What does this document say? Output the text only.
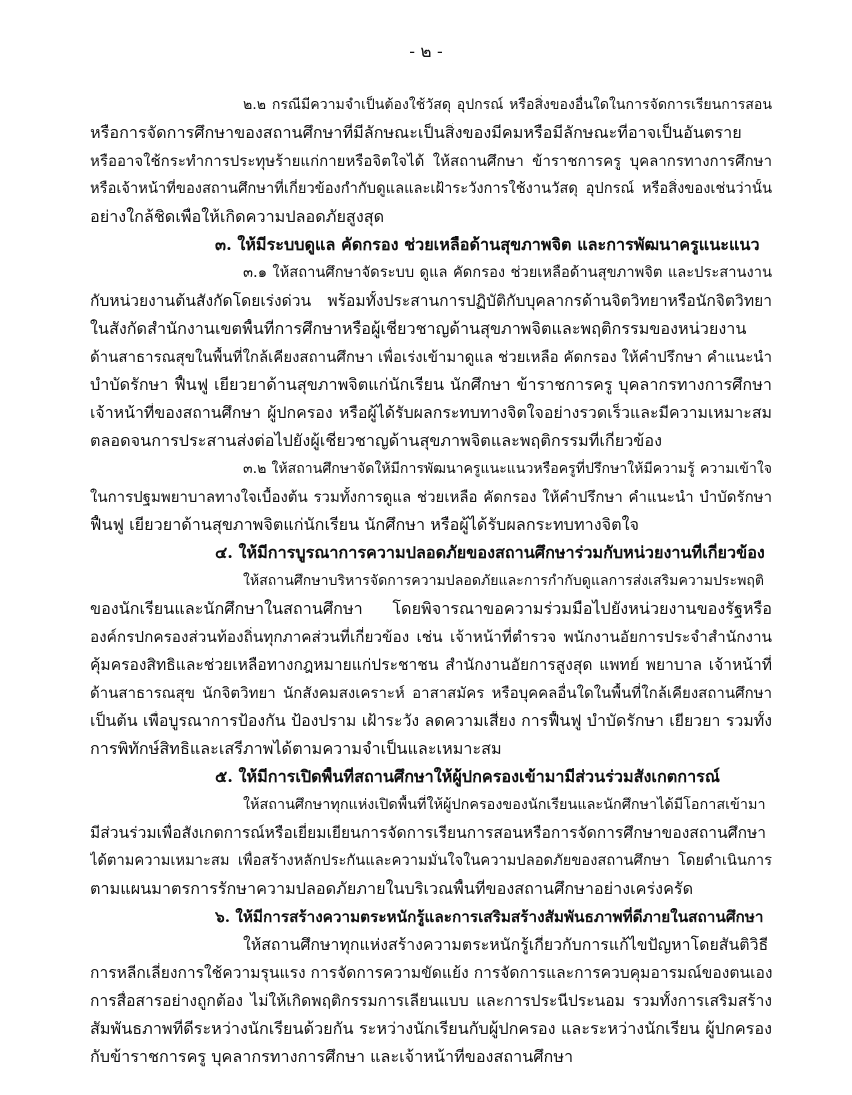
- ๒ -
๒.๒ กรณีมีความจำเป็นต้องใช้วัสดุ อุปกรณ์ หรือสิ่งของอื่นใดในการจัดการเรียนการสอน
หรือการจัดการศึกษาของสถานศึกษาที่มีลักษณะเป็นสิ่งของมีคมหรือมีลักษณะที่อาจเป็นอันตราย
หรืออาจใช้กระทำการประทุษร้ายแก่กายหรือจิตใจได้ ให้สถานศึกษา ข้าราชการครู บุคลากรทางการศึกษา
หรือเจ้าหน้าที่ของสถานศึกษาที่เกี่ยวข้องกำกับดูแลและเฝ้าระวังการใช้งานวัสดุ อุปกรณ์ หรือสิ่งของเช่นว่านั้น
อย่างใกล้ชิดเพื่อให้เกิดความปลอดภัยสูงสุด
๓. ให้มีระบบดูแล คัดกรอง ช่วยเหลือด้านสุขภาพจิต และการพัฒนาครูแนะแนว
๓.๑ ให้สถานศึกษาจัดระบบ ดูแล คัดกรอง ช่วยเหลือด้านสุขภาพจิต และประสานงาน
กับหน่วยงานต้นสังกัดโดยเร่งด่วน พร้อมทั้งประสานการปฏิบัติกับบุคลากรด้านจิตวิทยาหรือนักจิตวิทยา
ในสังกัดสำนักงานเขตพื้นที่การศึกษาหรือผู้เชี่ยวชาญด้านสุขภาพจิตและพฤติกรรมของหน่วยงาน
ด้านสาธารณสุขในพื้นที่ใกล้เคียงสถานศึกษา เพื่อเร่งเข้ามาดูแล ช่วยเหลือ คัดกรอง ให้คำปรึกษา คำแนะนำ
บำบัดรักษา ฟื้นฟู เยียวยาด้านสุขภาพจิตแก่นักเรียน นักศึกษา ข้าราชการครู บุคลากรทางการศึกษา
เจ้าหน้าที่ของสถานศึกษา ผู้ปกครอง หรือผู้ได้รับผลกระทบทางจิตใจอย่างรวดเร็วและมีความเหมาะสม
ตลอดจนการประสานส่งต่อไปยังผู้เชี่ยวชาญด้านสุขภาพจิตและพฤติกรรมที่เกี่ยวข้อง
๓.๒ ให้สถานศึกษาจัดให้มีการพัฒนาครูแนะแนวหรือครูที่ปรึกษาให้มีความรู้ ความเข้าใจ
ในการปฐมพยาบาลทางใจเบื้องต้น รวมทั้งการดูแล ช่วยเหลือ คัดกรอง ให้คำปรึกษา คำแนะนำ บำบัดรักษา
ฟื้นฟู เยียวยาด้านสุขภาพจิตแก่นักเรียน นักศึกษา หรือผู้ได้รับผลกระทบทางจิตใจ
๔. ให้มีการบูรณาการความปลอดภัยของสถานศึกษาร่วมกับหน่วยงานที่เกี่ยวข้อง
ให้สถานศึกษาบริหารจัดการความปลอดภัยและการกำกับดูแลการส่งเสริมความประพฤติ
ของนักเรียนและนักศึกษาในสถานศึกษา โดยพิจารณาขอความร่วมมือไปยังหน่วยงานของรัฐหรือ
องค์กรปกครองส่วนท้องถิ่นทุกภาคส่วนที่เกี่ยวข้อง เช่น เจ้าหน้าที่ตำรวจ พนักงานอัยการประจำสำนักงาน
คุ้มครองสิทธิและช่วยเหลือทางกฎหมายแก่ประชาชน สำนักงานอัยการสูงสุด แพทย์ พยาบาล เจ้าหน้าที่
ด้านสาธารณสุข นักจิตวิทยา นักสังคมสงเคราะห์ อาสาสมัคร หรือบุคคลอื่นใดในพื้นที่ใกล้เคียงสถานศึกษา
เป็นต้น เพื่อบูรณาการป้องกัน ป้องปราม เฝ้าระวัง ลดความเสี่ยง การฟื้นฟู บำบัดรักษา เยียวยา รวมทั้ง
การพิทักษ์สิทธิและเสรีภาพได้ตามความจำเป็นและเหมาะสม
๕. ให้มีการเปิดพื้นที่สถานศึกษาให้ผู้ปกครองเข้ามามีส่วนร่วมสังเกตการณ์
ให้สถานศึกษาทุกแห่งเปิดพื้นที่ให้ผู้ปกครองของนักเรียนและนักศึกษาได้มีโอกาสเข้ามา
มีส่วนร่วมเพื่อสังเกตการณ์หรือเยี่ยมเยียนการจัดการเรียนการสอนหรือการจัดการศึกษาของสถานศึกษา
ได้ตามความเหมาะสม เพื่อสร้างหลักประกันและความมั่นใจในความปลอดภัยของสถานศึกษา โดยดำเนินการ
ตามแผนมาตรการรักษาความปลอดภัยภายในบริเวณพื้นที่ของสถานศึกษาอย่างเคร่งครัด
๖. ให้มีการสร้างความตระหนักรู้และการเสริมสร้างสัมพันธภาพที่ดีภายในสถานศึกษา
ให้สถานศึกษาทุกแห่งสร้างความตระหนักรู้เกี่ยวกับการแก้ไขปัญหาโดยสันติวิธี
การหลีกเลี่ยงการใช้ความรุนแรง การจัดการความขัดแย้ง การจัดการและการควบคุมอารมณ์ของตนเอง
การสื่อสารอย่างถูกต้อง ไม่ให้เกิดพฤติกรรมการเลียนแบบ และการประนีประนอม รวมทั้งการเสริมสร้าง
สัมพันธภาพที่ดีระหว่างนักเรียนด้วยกัน ระหว่างนักเรียนกับผู้ปกครอง และระหว่างนักเรียน ผู้ปกครอง
กับข้าราชการครู บุคลากรทางการศึกษา และเจ้าหน้าที่ของสถานศึกษา
